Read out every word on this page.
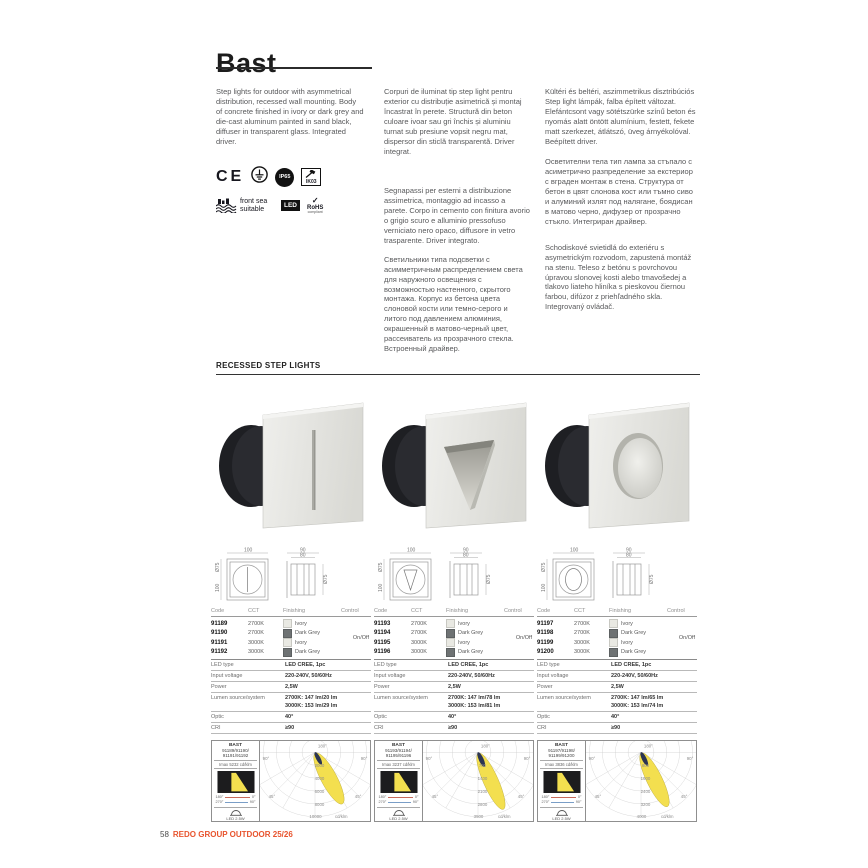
Bast

Step lights for outdoor with asymmetrical distribution, recessed wall mounting. Body of concrete finished in ivory or dark grey and die-cast aluminum painted in sand black, diffuser in transparent glass. Integrated driver.

Corpuri de iluminat tip step light pentru exterior cu distribuție asimetrică și montaj încastrat în perete. Structură din beton culoare ivoar sau gri închis și aluminiu turnat sub presiune vopsit negru mat, dispersor din sticlă transparentă. Driver integrat.

Segnapassi per esterni a distribuzione assimetrica, montaggio ad incasso a parete. Corpo in cemento con finitura avorio o grigio scuro e alluminio pressofuso verniciato nero opaco, diffusore in vetro trasparente. Driver integrato.

Светильники типа подсветки с асимметричным распределением света для наружного освещения с возможностью настенного, скрытого монтажа. Корпус из бетона цвета слоновой кости или темно-серого и литого под давлением алюминия, окрашенный в матово-черный цвет, рассеиватель из прозрачного стекла. Встроенный драйвер.

Kültéri és beltéri, aszimmetrikus disztribúciós Step light lámpák, falba épített változat. Elefántcsont vagy sötétszürke színű beton és nyomás alatt öntött alumínium, festett, fekete matt szerkezet, átlátszó, üveg árnyékolóval. Beépített driver.

Осветителни тела тип лампа за стъпало с асиметрично разпределение за екстериор с вграден монтаж в стена. Структура от бетон в цвят слонова кост или тъмно сиво и алуминий излят под налягане, боядисан в матово черно, дифузер от прозрачно стъкло. Интегриран драйвер.

Schodiskové svietidlá do exteriéru s asymetrickým rozvodom, zapustená montáž na stenu. Teleso z betónu s povrchovou úpravou slonovej kosti alebo tmavošedej a tlakovo liateho hliníka s pieskovou čiernou farbou, difúzor z priehľadného skla. Integrovaný ovládač.

CE	IP65
IK03
front sea suitable	LED
✓
RoHS
compliant
RECESSED STEP LIGHTS
100
Ø75
100
90
80
Ø75
Code	CCT	Finishing	Control
91189	2700K	Ivory
91190	2700K	Dark Grey
91191	3000K	Ivory
91192	3000K	Dark Grey
On/Off
LED type	LED CREE, 1pc
Input voltage	220-240V, 50/60Hz
Power	2,5W
Lumen source/system	2700K: 147 lm/20 lm
3000K: 153 lm/29 lm
Optic	40°
CRI	≥90
BAST
91189/91190/
91191/91192
Imax 5232 cd/klm
180°	0°
270°	90°
LED 2.5W
180°
90°	90°
45°	45°
2000
4000
6000
8000
10000	cd/klm
100
Ø75
100
90
80
Ø75
Code	CCT	Finishing	Control
91193	2700K	Ivory
91194	2700K	Dark Grey
91195	3000K	Ivory
91196	3000K	Dark Grey
On/Off
LED type	LED CREE, 1pc
Input voltage	220-240V, 50/60Hz
Power	2,5W
Lumen source/system	2700K: 147 lm/78 lm
3000K: 153 lm/81 lm
Optic	40°
CRI	≥90
BAST
91193/91194/
91195/91196
Imax 3237 cd/klm
180°	0°
270°	90°
LED 2.5W
180°
90°	90°
45°	45°
700
1400
2100
2800
3500	cd/klm
100
Ø75
100
90
80
Ø75
Code	CCT	Finishing	Control
91197	2700K	Ivory
91198	2700K	Dark Grey
91199	3000K	Ivory
91200	3000K	Dark Grey
On/Off
LED type	LED CREE, 1pc
Input voltage	220-240V, 50/60Hz
Power	2,5W
Lumen source/system	2700K: 147 lm/65 lm
3000K: 153 lm/74 lm
Optic	40°
CRI	≥90
BAST
91197/91198/
91199/91200
Imax 3836 cd/klm
180°	0°
270°	90°
LED 2.5W
180°
90°	90°
45°	45°
800
1600
2400
3200
4000	cd/klm
58 REDO GROUP OUTDOOR 25/26
